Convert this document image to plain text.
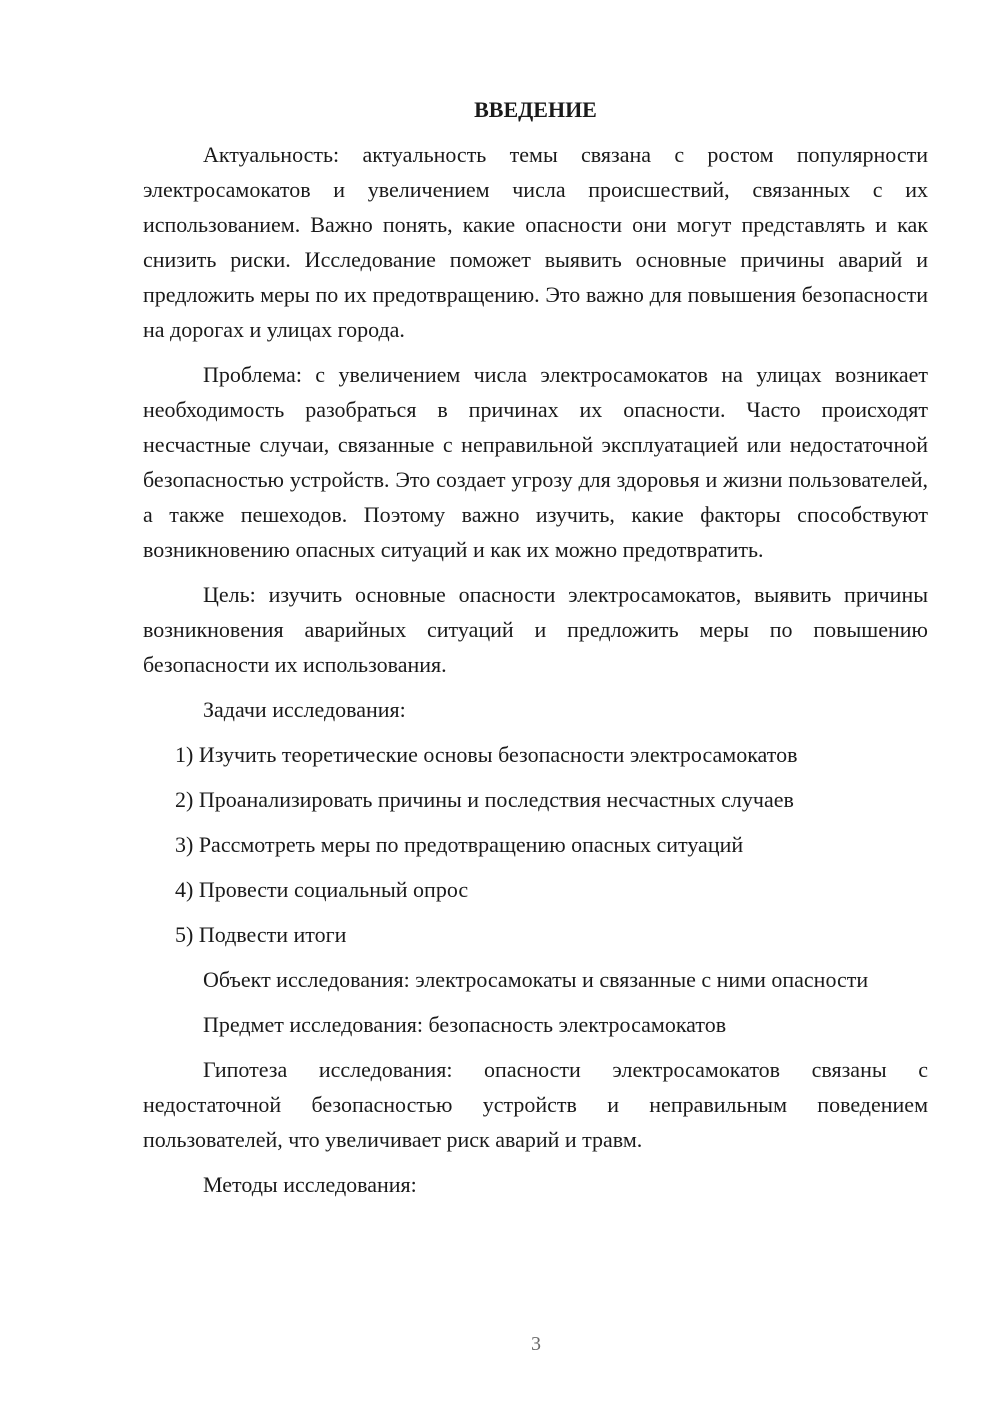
ВВЕДЕНИЕ

Актуальность: актуальность темы связана с ростом популярности электросамокатов и увеличением числа происшествий, связанных с их использованием. Важно понять, какие опасности они могут представлять и как снизить риски. Исследование поможет выявить основные причины аварий и предложить меры по их предотвращению. Это важно для повышения безопасности на дорогах и улицах города.

Проблема: с увеличением числа электросамокатов на улицах возникает необходимость разобраться в причинах их опасности. Часто происходят несчастные случаи, связанные с неправильной эксплуатацией или недостаточной безопасностью устройств. Это создает угрозу для здоровья и жизни пользователей, а также пешеходов. Поэтому важно изучить, какие факторы способствуют возникновению опасных ситуаций и как их можно предотвратить.

Цель: изучить основные опасности электросамокатов, выявить причины возникновения аварийных ситуаций и предложить меры по повышению безопасности их использования.

Задачи исследования:

1) Изучить теоретические основы безопасности электросамокатов
2) Проанализировать причины и последствия несчастных случаев
3) Рассмотреть меры по предотвращению опасных ситуаций
4) Провести социальный опрос
5) Подвести итоги

Объект исследования: электросамокаты и связанные с ними опасности

Предмет исследования: безопасность электросамокатов

Гипотеза исследования: опасности электросамокатов связаны с недостаточной безопасностью устройств и неправильным поведением пользователей, что увеличивает риск аварий и травм.

Методы исследования:

3
